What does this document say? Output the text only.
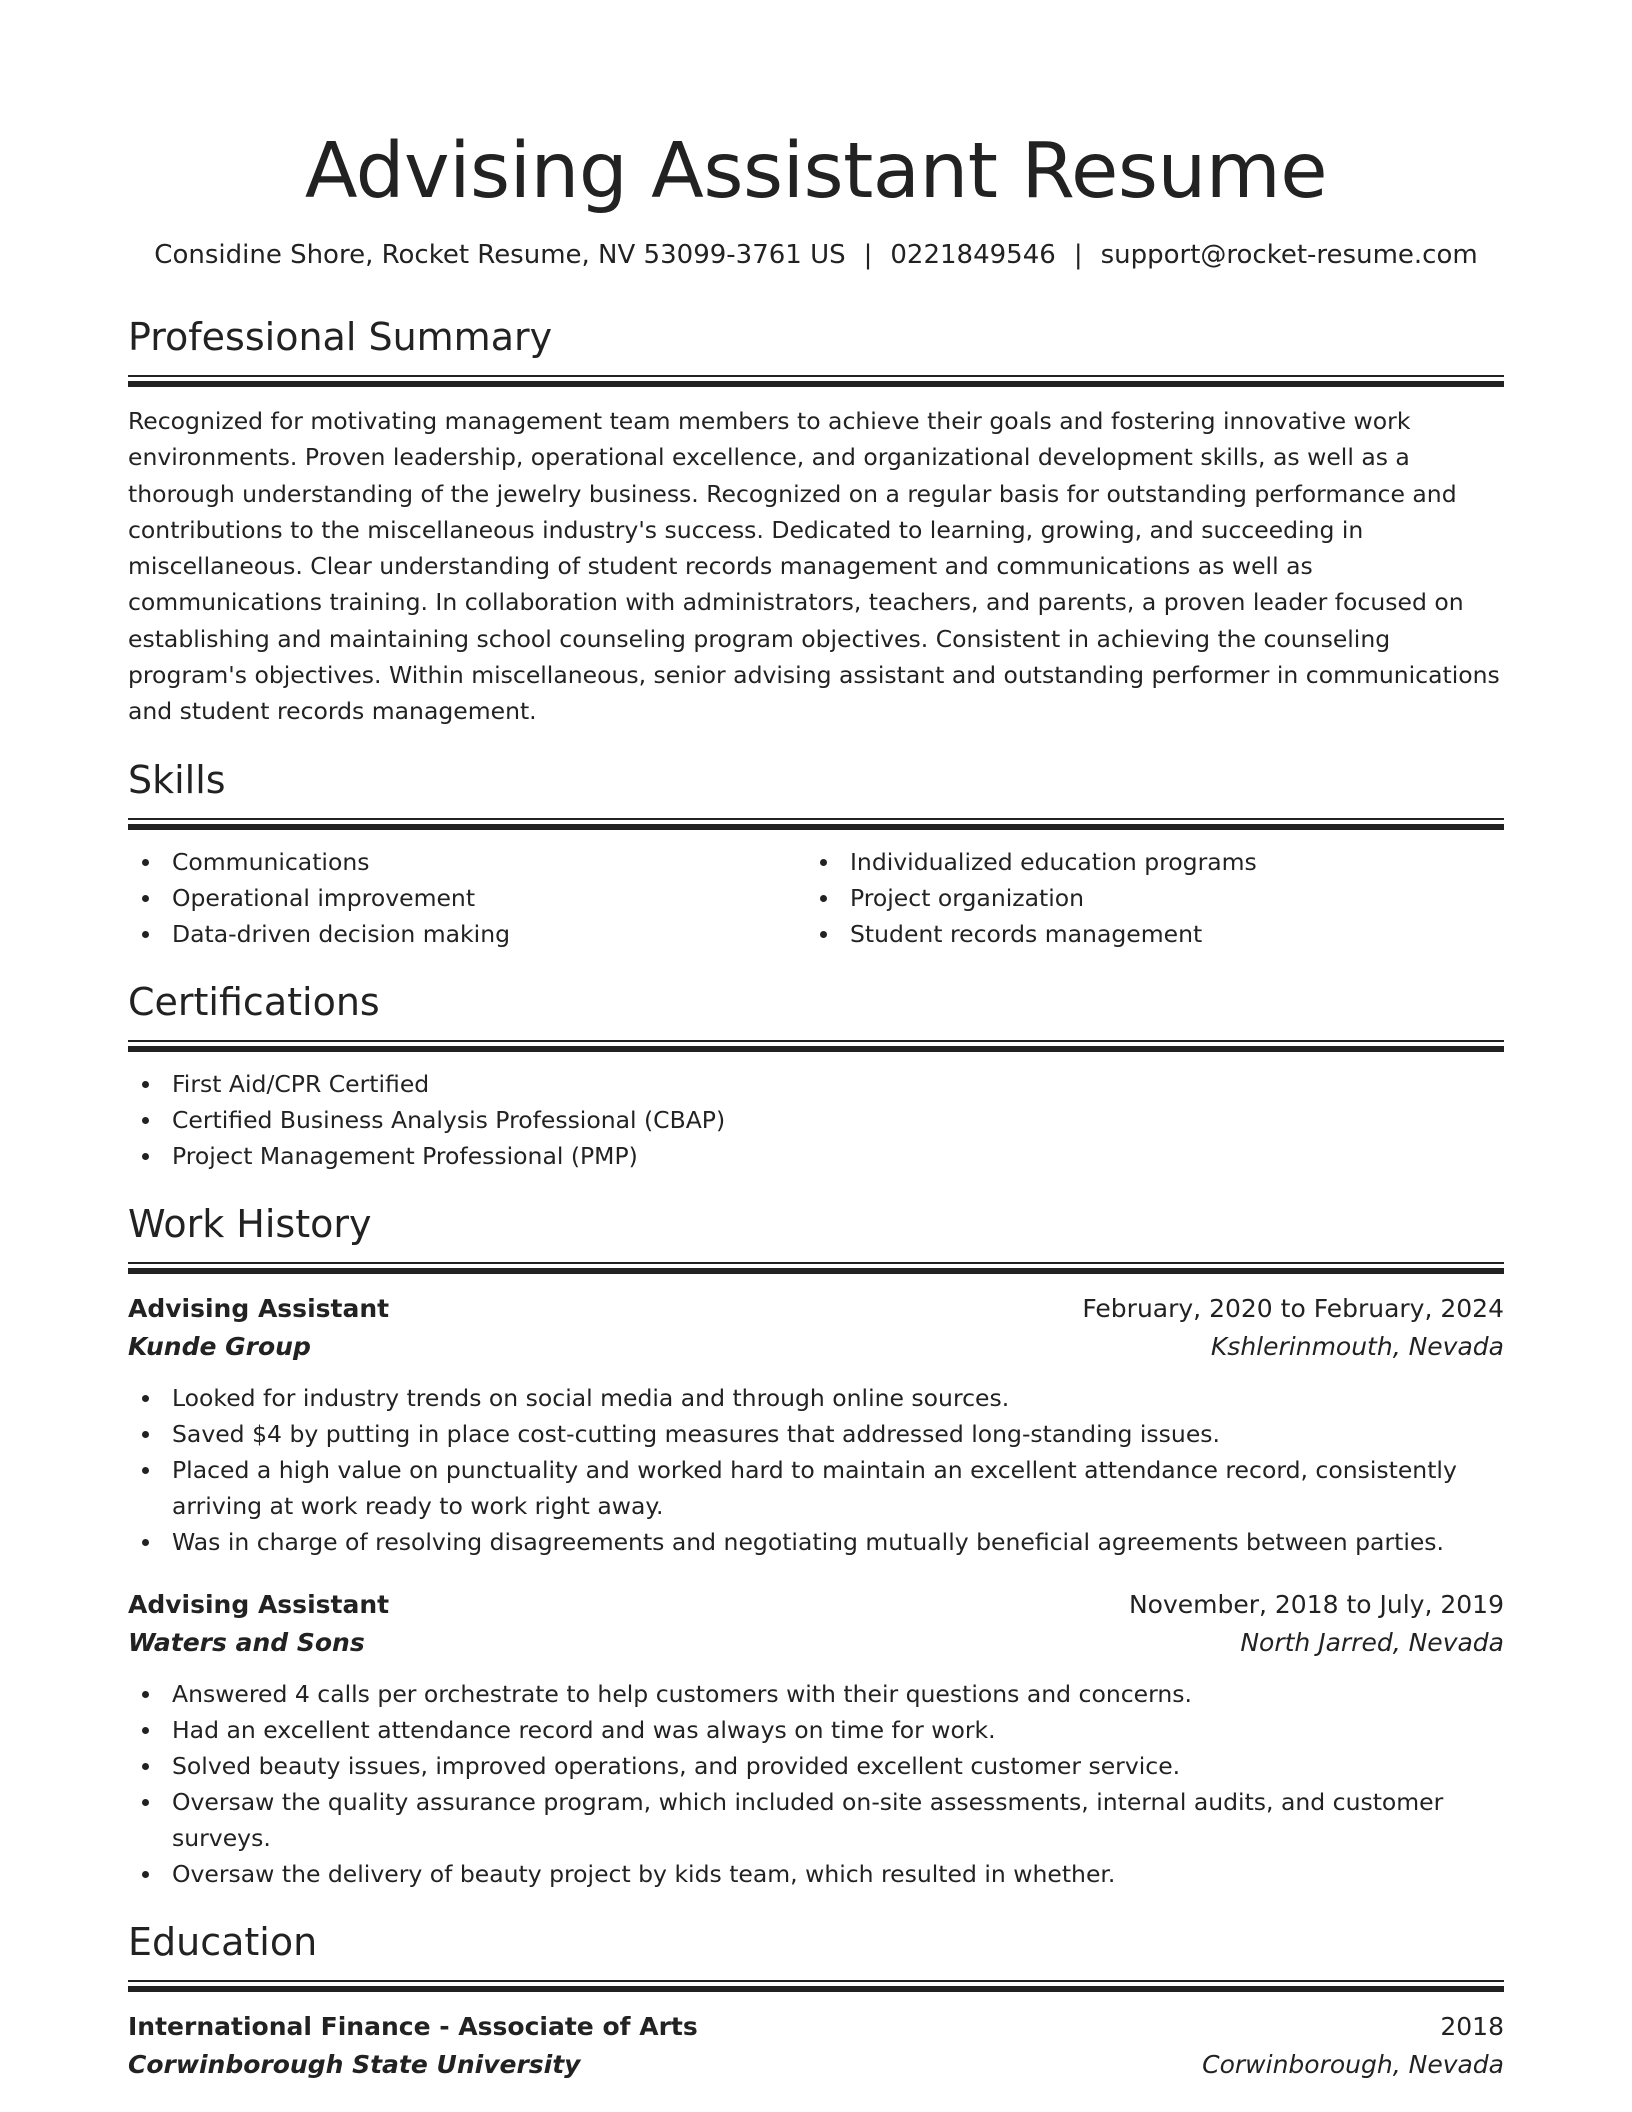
Advising Assistant Resume
Considine Shore, Rocket Resume, NV 53099-3761 US | 0221849546 | support@rocket-resume.com
Professional Summary

Recognized for motivating management team members to achieve their goals and fostering innovative work environments. Proven leadership, operational excellence, and organizational development skills, as well as a thorough understanding of the jewelry business. Recognized on a regular basis for outstanding performance and contributions to the miscellaneous industry's success. Dedicated to learning, growing, and succeeding in miscellaneous. Clear understanding of student records management and communications as well as communications training. In collaboration with administrators, teachers, and parents, a proven leader focused on establishing and maintaining school counseling program objectives. Consistent in achieving the counseling program's objectives. Within miscellaneous, senior advising assistant and outstanding performer in communications and student records management.

Skills
Communications
Operational improvement
Data-driven decision making
Individualized education programs
Project organization
Student records management
Certifications
First Aid/CPR Certified
Certified Business Analysis Professional (CBAP)
Project Management Professional (PMP)
Work History
Advising Assistant	February, 2020 to February, 2024
Kunde Group	Kshlerinmouth, Nevada
Looked for industry trends on social media and through online sources.
Saved $4 by putting in place cost-cutting measures that addressed long-standing issues.
Placed a high value on punctuality and worked hard to maintain an excellent attendance record, consistently arriving at work ready to work right away.
Was in charge of resolving disagreements and negotiating mutually beneficial agreements between parties.
Advising Assistant	November, 2018 to July, 2019
Waters and Sons	North Jarred, Nevada
Answered 4 calls per orchestrate to help customers with their questions and concerns.
Had an excellent attendance record and was always on time for work.
Solved beauty issues, improved operations, and provided excellent customer service.
Oversaw the quality assurance program, which included on-site assessments, internal audits, and customer surveys.
Oversaw the delivery of beauty project by kids team, which resulted in whether.
Education
International Finance - Associate of Arts	2018
Corwinborough State University	Corwinborough, Nevada
